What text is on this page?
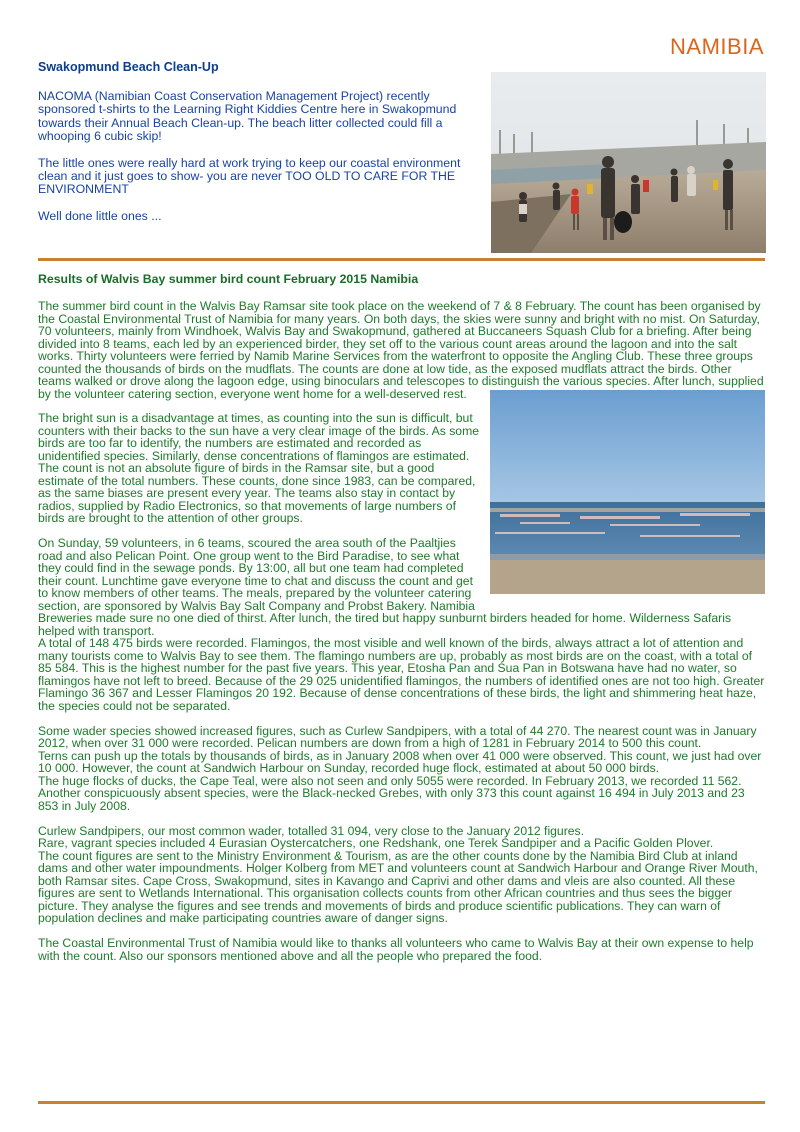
NAMIBIA
Swakopmund Beach Clean-Up

NACOMA (Namibian Coast Conservation Management Project) recently sponsored t-shirts to the Learning Right Kiddies Centre here in Swakopmund towards their Annual Beach Clean-up. The beach litter collected could fill a whooping 6 cubic skip!

The little ones were really hard at work trying to keep our coastal environment clean and it just goes to show- you are never TOO OLD TO CARE FOR THE ENVIRONMENT

Well done little ones ...

Results of Walvis Bay summer bird count February 2015 Namibia

The summer bird count in the Walvis Bay Ramsar site took place on the weekend of 7 & 8 February. The count has been organised by the Coastal Environmental Trust of Namibia for many years. On both days, the skies were sunny and bright with no mist. On Saturday, 70 volunteers, mainly from Windhoek, Walvis Bay and Swakopmund, gathered at Buccaneers Squash Club for a briefing. After being divided into 8 teams, each led by an experienced birder, they set off to the various count areas around the lagoon and into the salt works. Thirty volunteers were ferried by Namib Marine Services from the waterfront to opposite the Angling Club. These three groups counted the thousands of birds on the mudflats. The counts are done at low tide, as the exposed mudflats attract the birds. Other teams walked or drove along the lagoon edge, using binoculars and telescopes to distinguish the various species. After lunch, supplied by the volunteer catering section, everyone went home for a well-deserved rest.

The bright sun is a disadvantage at times, as counting into the sun is difficult, but counters with their backs to the sun have a very clear image of the birds. As some birds are too far to identify, the numbers are estimated and recorded as unidentified species. Similarly, dense concentrations of flamingos are estimated. The count is not an absolute figure of birds in the Ramsar site, but a good estimate of the total numbers. These counts, done since 1983, can be compared, as the same biases are present every year. The teams also stay in contact by radios, supplied by Radio Electronics, so that movements of large numbers of birds are brought to the attention of other groups.

On Sunday, 59 volunteers, in 6 teams, scoured the area south of the Paaltjies road and also Pelican Point. One group went to the Bird Paradise, to see what they could find in the sewage ponds. By 13:00, all but one team had completed their count. Lunchtime gave everyone time to chat and discuss the count and get to know members of other teams. The meals, prepared by the volunteer catering section, are sponsored by Walvis Bay Salt Company and Probst Bakery. Namibia Breweries made sure no one died of thirst. After lunch, the tired but happy sunburnt birders headed for home. Wilderness Safaris helped with transport.

A total of 148 475 birds were recorded. Flamingos, the most visible and well known of the birds, always attract a lot of attention and many tourists come to Walvis Bay to see them. The flamingo numbers are up, probably as most birds are on the coast, with a total of 85 584. This is the highest number for the past five years. This year, Etosha Pan and Sua Pan in Botswana have had no water, so flamingos have not left to breed. Because of the 29 025 unidentified flamingos, the numbers of identified ones are not too high. Greater Flamingo 36 367 and Lesser Flamingos 20 192. Because of dense concentrations of these birds, the light and shimmering heat haze, the species could not be separated.

Some wader species showed increased figures, such as Curlew Sandpipers, with a total of 44 270. The nearest count was in January 2012, when over 31 000 were recorded. Pelican numbers are down from a high of 1281 in February 2014 to 500 this count.

Terns can push up the totals by thousands of birds, as in January 2008 when over 41 000 were observed. This count, we just had over 10 000. However, the count at Sandwich Harbour on Sunday, recorded huge flock, estimated at about 50 000 birds.

The huge flocks of ducks, the Cape Teal, were also not seen and only 5055 were recorded. In February 2013, we recorded 11 562. Another conspicuously absent species, were the Black-necked Grebes, with only 373 this count against 16 494 in July 2013 and 23 853 in July 2008.

Curlew Sandpipers, our most common wader, totalled 31 094, very close to the January 2012 figures.

Rare, vagrant species included 4 Eurasian Oystercatchers, one Redshank, one Terek Sandpiper and a Pacific Golden Plover.

The count figures are sent to the Ministry Environment & Tourism, as are the other counts done by the Namibia Bird Club at inland dams and other water impoundments. Holger Kolberg from MET and volunteers count at Sandwich Harbour and Orange River Mouth, both Ramsar sites. Cape Cross, Swakopmund, sites in Kavango and Caprivi and other dams and vleis are also counted. All these figures are sent to Wetlands International. This organisation collects counts from other African countries and thus sees the bigger picture. They analyse the figures and see trends and movements of birds and produce scientific publications. They can warn of population declines and make participating countries aware of danger signs.

The Coastal Environmental Trust of Namibia would like to thanks all volunteers who came to Walvis Bay at their own expense to help with the count. Also our sponsors mentioned above and all the people who prepared the food.
